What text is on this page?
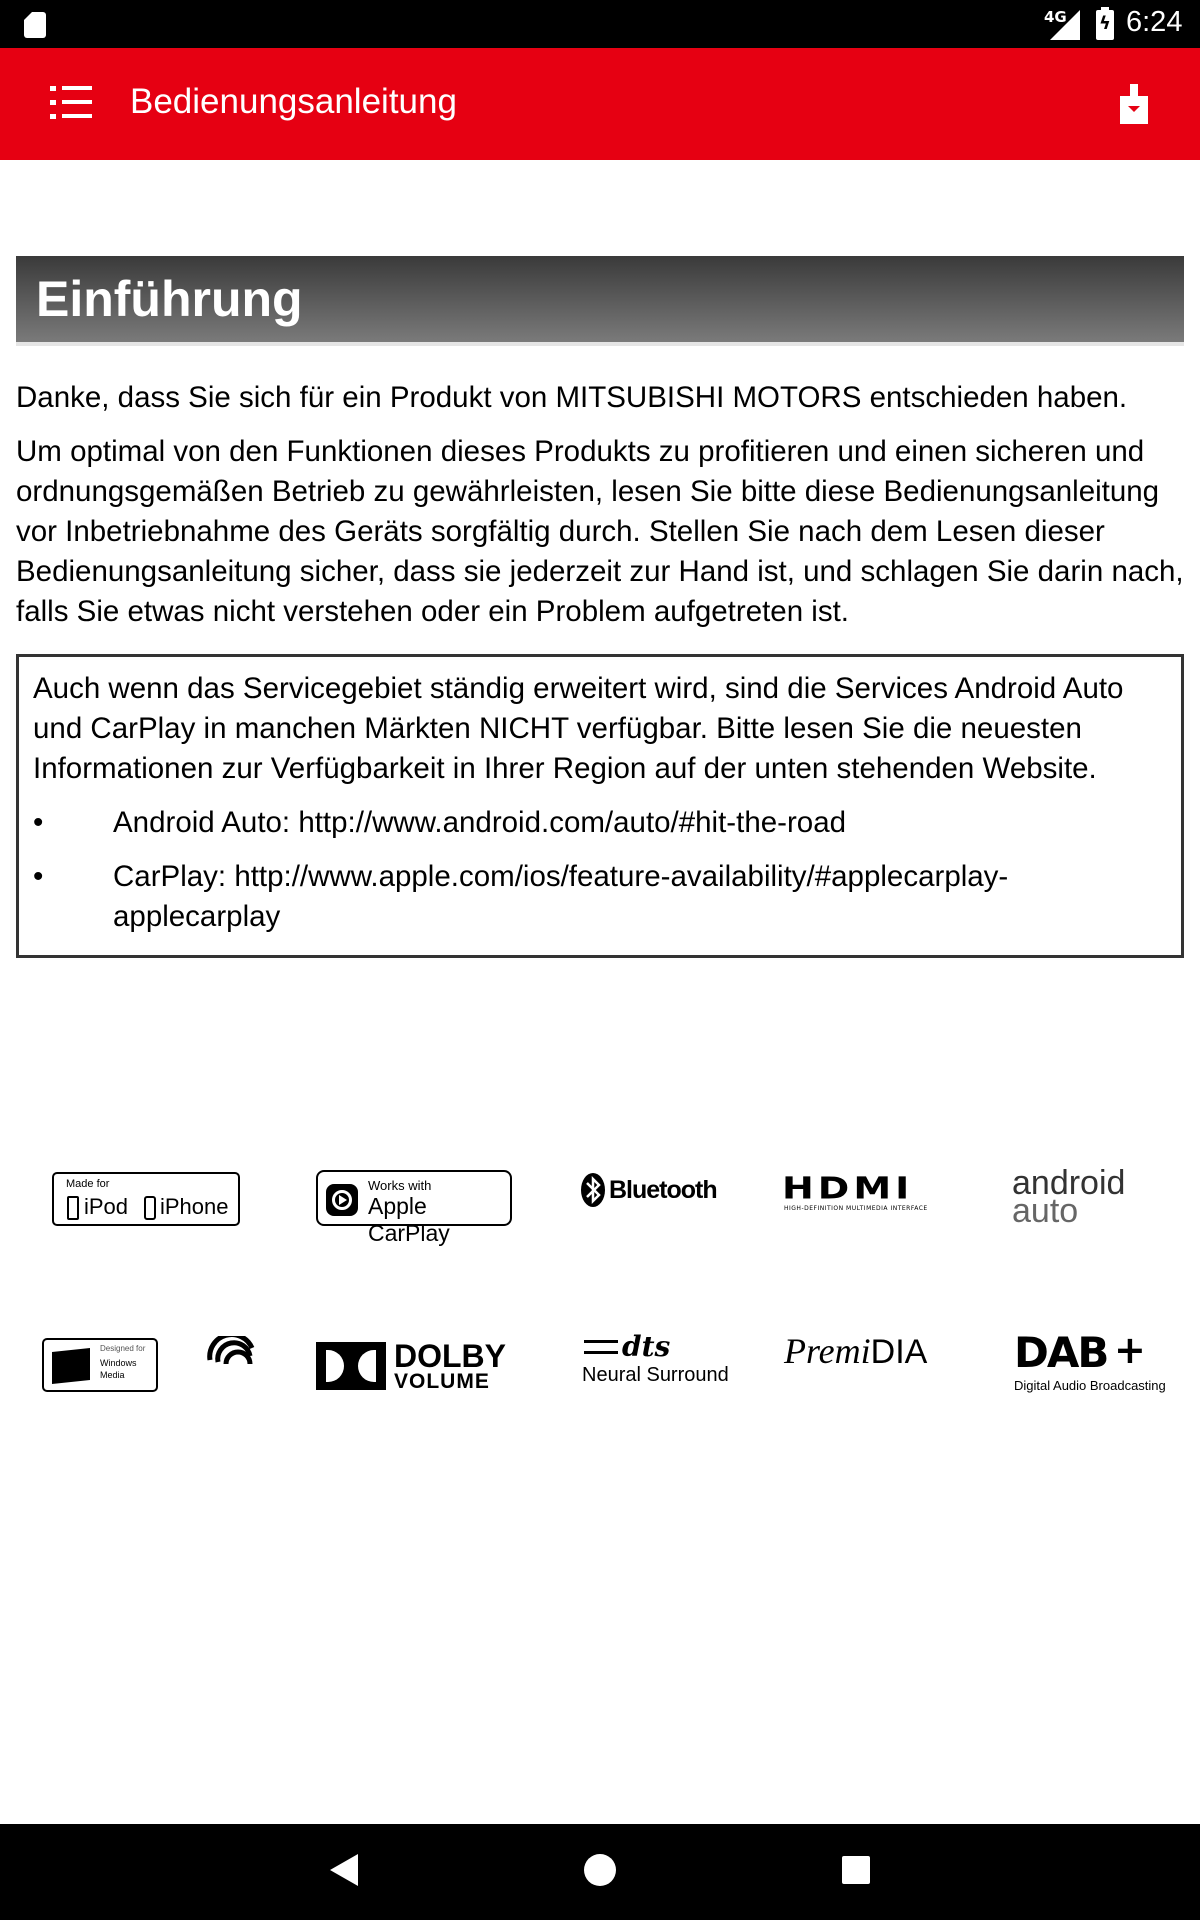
4G ϟ 6:24
Bedienungsanleitung
Einführung

Danke, dass Sie sich für ein Produkt von MITSUBISHI MOTORS entschieden haben.

Um optimal von den Funktionen dieses Produkts zu profitieren und einen sicheren und ordnungsgemäßen Betrieb zu gewährleisten, lesen Sie bitte diese Bedienungsanleitung vor Inbetriebnahme des Geräts sorgfältig durch. Stellen Sie nach dem Lesen dieser Bedienungsanleitung sicher, dass sie jederzeit zur Hand ist, und schlagen Sie darin nach, falls Sie etwas nicht verstehen oder ein Problem aufgetreten ist.

Auch wenn das Servicegebiet ständig erweitert wird, sind die Services Android Auto und CarPlay in manchen Märkten NICHT verfügbar. Bitte lesen Sie die neuesten Informationen zur Verfügbarkeit in Ihrer Region auf der unten stehenden Website.

• Android Auto: http://www.android.com/auto/#hit-the-road
• CarPlay: http://www.apple.com/ios/feature-availability/#applecarplay-applecarplay
Made for
iPod iPhone
Works with
Apple CarPlay
Bluetooth HDMI
HIGH-DEFINITION MULTIMEDIA INTERFACE
android
auto
Designed for
Windows
Media
DOLBY
VOLUME
dts
Neural Surround
PremiDIA	DAB +
Digital Audio Broadcasting
